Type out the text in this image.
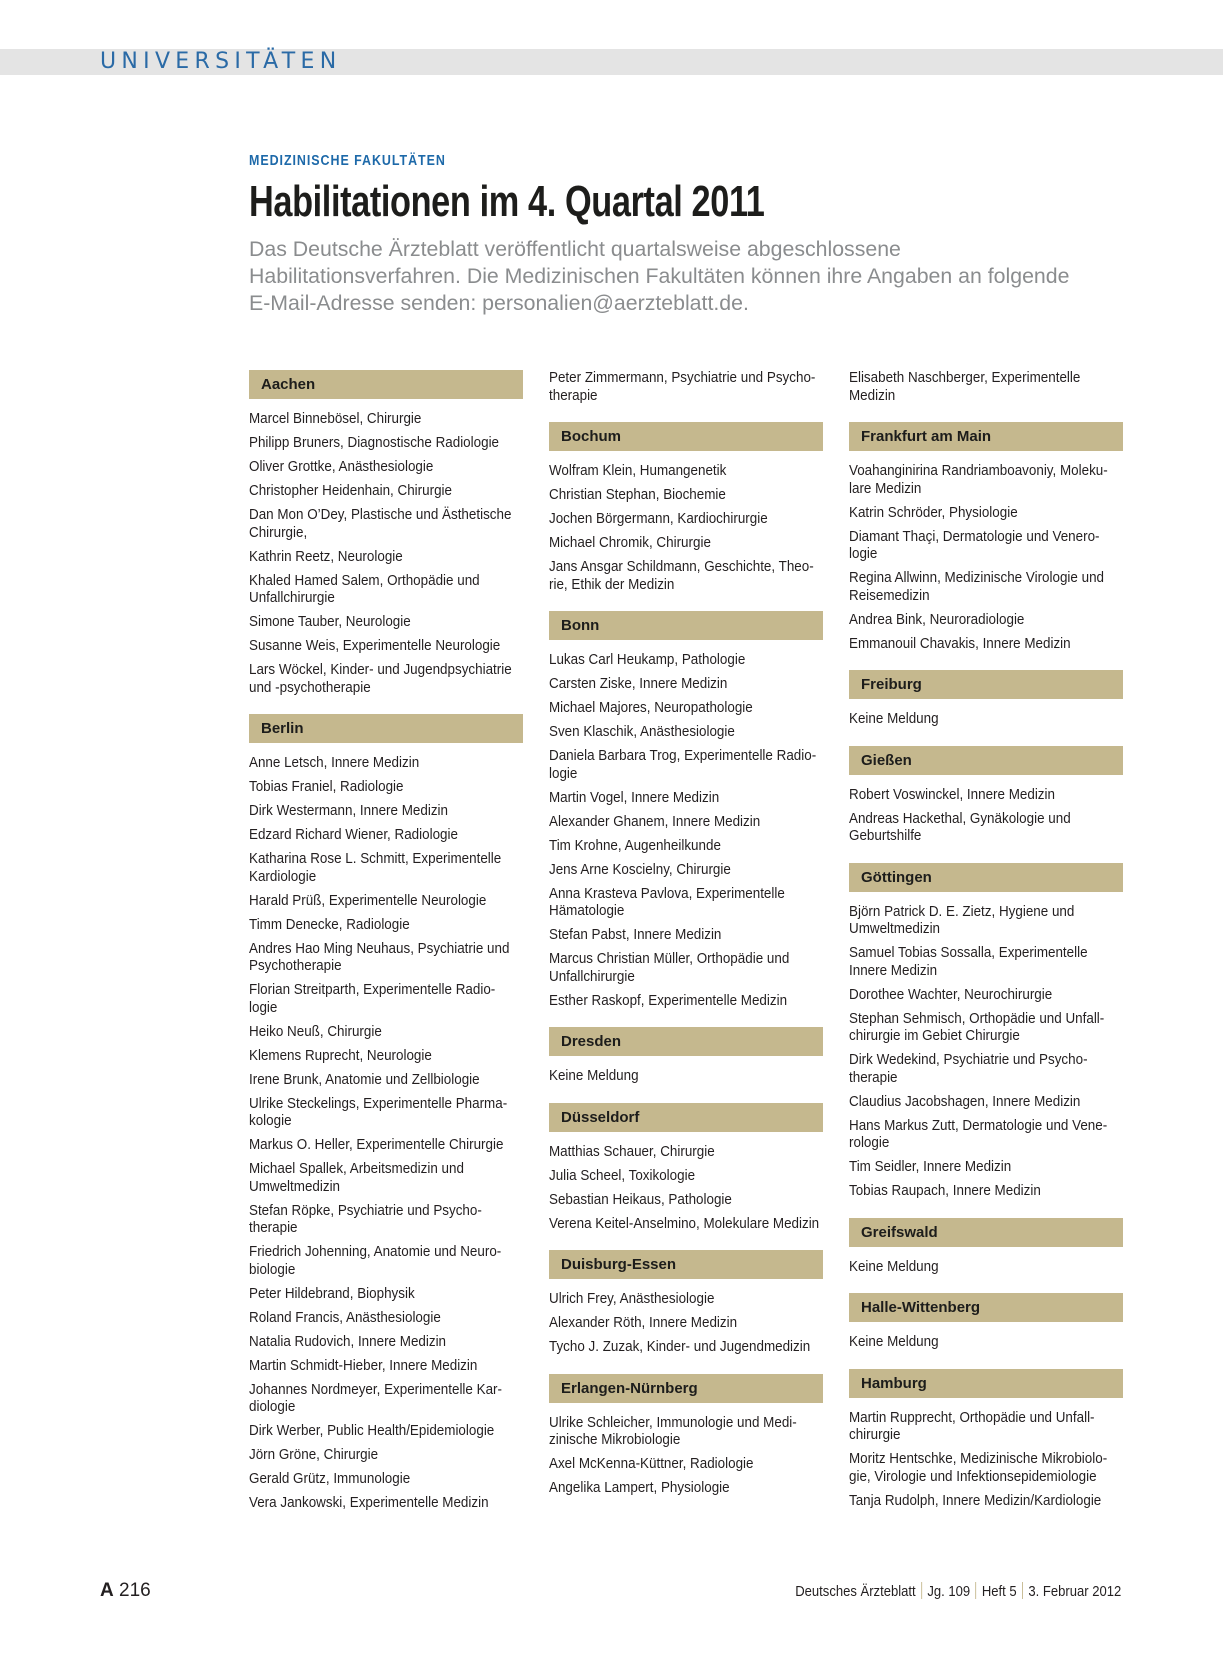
UNIVERSITÄTEN
MEDIZINISCHE FAKULTÄTEN
Habilitationen im 4. Quartal 2011
Das Deutsche Ärzteblatt veröffentlicht quartalsweise abgeschlossene Habilitationsverfahren. Die Medizinischen Fakultäten können ihre Angaben an folgende E-Mail-Adresse senden: personalien@aerzteblatt.de.
Aachen
Marcel Binnebösel, Chirurgie
Philipp Bruners, Diagnostische Radiologie
Oliver Grottke, Anästhesiologie
Christopher Heidenhain, Chirurgie
Dan Mon O’Dey, Plastische und Ästhetische Chirurgie,
Kathrin Reetz, Neurologie
Khaled Hamed Salem, Orthopädie und Unfallchirurgie
Simone Tauber, Neurologie
Susanne Weis, Experimentelle Neurologie
Lars Wöckel, Kinder- und Jugendpsychiatrie und -psychotherapie
Berlin
Anne Letsch, Innere Medizin
Tobias Franiel, Radiologie
Dirk Westermann, Innere Medizin
Edzard Richard Wiener, Radiologie
Katharina Rose L. Schmitt, Experimentelle Kardiologie
Harald Prüß, Experimentelle Neurologie
Timm Denecke, Radiologie
Andres Hao Ming Neuhaus, Psychiatrie und Psychotherapie
Florian Streitparth, Experimentelle Radio-logie
Heiko Neuß, Chirurgie
Klemens Ruprecht, Neurologie
Irene Brunk, Anatomie und Zellbiologie
Ulrike Steckelings, Experimentelle Pharma-kologie
Markus O. Heller, Experimentelle Chirurgie
Michael Spallek, Arbeitsmedizin und Umweltmedizin
Stefan Röpke, Psychiatrie und Psycho-therapie
Friedrich Johenning, Anatomie und Neuro-biologie
Peter Hildebrand, Biophysik
Roland Francis, Anästhesiologie
Natalia Rudovich, Innere Medizin
Martin Schmidt-Hieber, Innere Medizin
Johannes Nordmeyer, Experimentelle Kar-diologie
Dirk Werber, Public Health/Epidemiologie
Jörn Gröne, Chirurgie
Gerald Grütz, Immunologie
Vera Jankowski, Experimentelle Medizin
Peter Zimmermann, Psychiatrie und Psycho-therapie
Bochum
Wolfram Klein, Humangenetik
Christian Stephan, Biochemie
Jochen Börgermann, Kardiochirurgie
Michael Chromik, Chirurgie
Jans Ansgar Schildmann, Geschichte, Theo-rie, Ethik der Medizin
Bonn
Lukas Carl Heukamp, Pathologie
Carsten Ziske, Innere Medizin
Michael Majores, Neuropathologie
Sven Klaschik, Anästhesiologie
Daniela Barbara Trog, Experimentelle Radio-logie
Martin Vogel, Innere Medizin
Alexander Ghanem, Innere Medizin
Tim Krohne, Augenheilkunde
Jens Arne Koscielny, Chirurgie
Anna Krasteva Pavlova, Experimentelle Hämatologie
Stefan Pabst, Innere Medizin
Marcus Christian Müller, Orthopädie und Unfallchirurgie
Esther Raskopf, Experimentelle Medizin
Dresden
Keine Meldung
Düsseldorf
Matthias Schauer, Chirurgie
Julia Scheel, Toxikologie
Sebastian Heikaus, Pathologie
Verena Keitel-Anselmino, Molekulare Medizin
Duisburg-Essen
Ulrich Frey, Anästhesiologie
Alexander Röth, Innere Medizin
Tycho J. Zuzak, Kinder- und Jugendmedizin
Erlangen-Nürnberg
Ulrike Schleicher, Immunologie und Medi-zinische Mikrobiologie
Axel McKenna-Küttner, Radiologie
Angelika Lampert, Physiologie
Elisabeth Naschberger, Experimentelle Medizin
Frankfurt am Main
Voahanginirina Randriamboavoniy, Moleku-lare Medizin
Katrin Schröder, Physiologie
Diamant Thaçi, Dermatologie und Venero-logie
Regina Allwinn, Medizinische Virologie und Reisemedizin
Andrea Bink, Neuroradiologie
Emmanouil Chavakis, Innere Medizin
Freiburg
Keine Meldung
Gießen
Robert Voswinckel, Innere Medizin
Andreas Hackethal, Gynäkologie und Geburtshilfe
Göttingen
Björn Patrick D. E. Zietz, Hygiene und Umweltmedizin
Samuel Tobias Sossalla, Experimentelle Innere Medizin
Dorothee Wachter, Neurochirurgie
Stephan Sehmisch, Orthopädie und Unfall-chirurgie im Gebiet Chirurgie
Dirk Wedekind, Psychiatrie und Psycho-therapie
Claudius Jacobshagen, Innere Medizin
Hans Markus Zutt, Dermatologie und Vene-rologie
Tim Seidler, Innere Medizin
Tobias Raupach, Innere Medizin
Greifswald
Keine Meldung
Halle-Wittenberg
Keine Meldung
Hamburg
Martin Rupprecht, Orthopädie und Unfall-chirurgie
Moritz Hentschke, Medizinische Mikrobiolo-gie, Virologie und Infektionsepidemiologie
Tanja Rudolph, Innere Medizin/Kardiologie
A 216	Deutsches Ärzteblatt Jg. 109 Heft 5 3. Februar 2012
